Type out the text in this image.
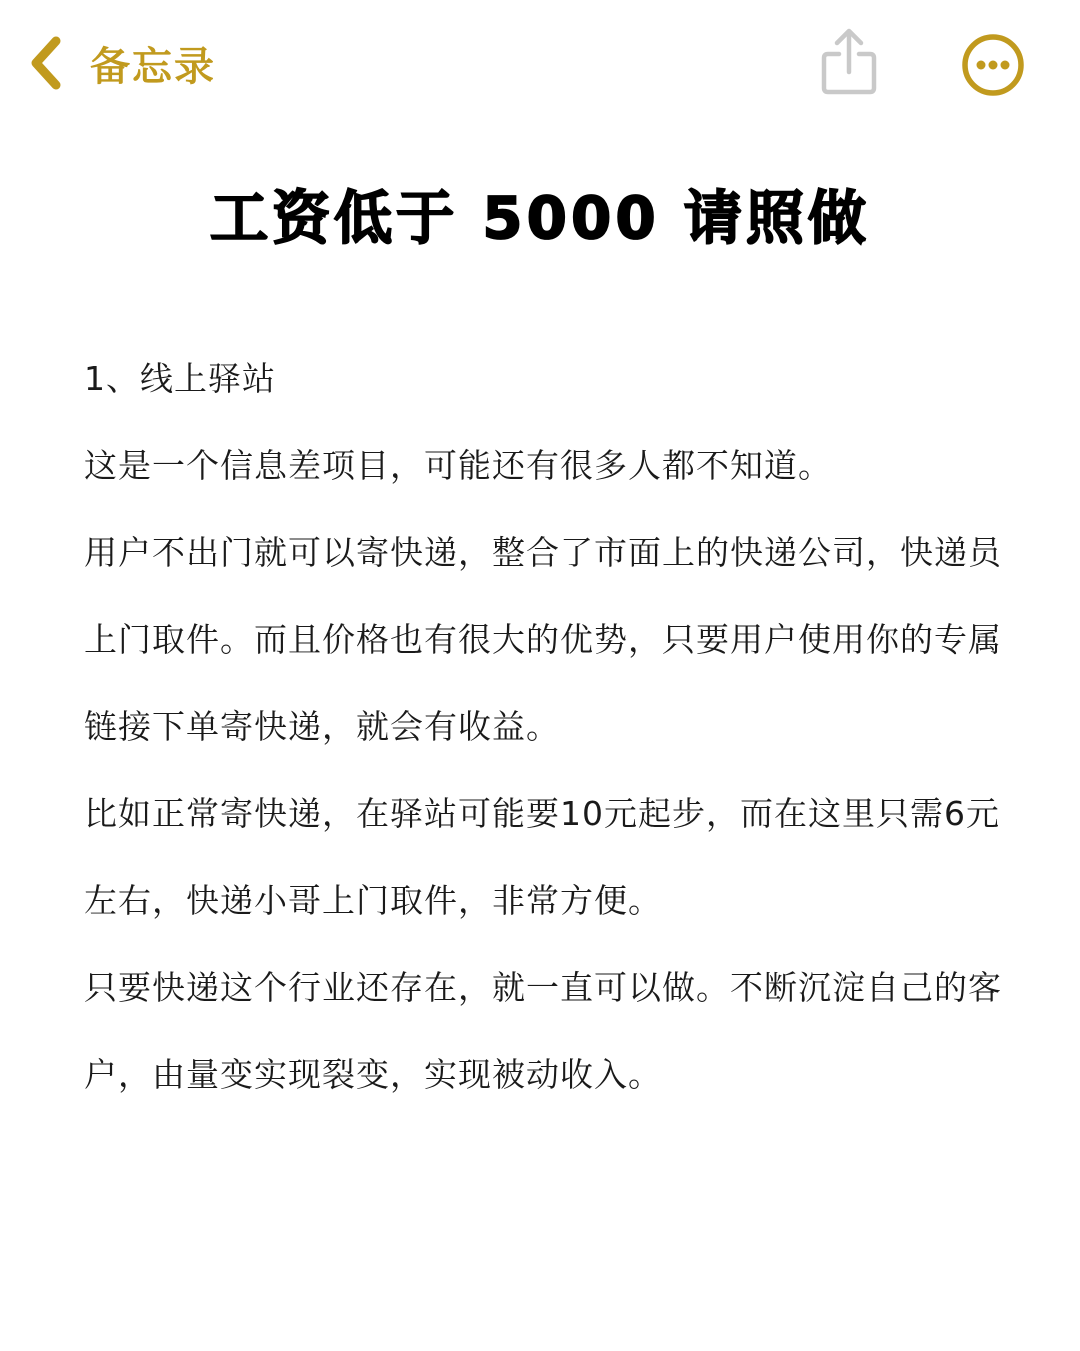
备忘录
工资低于 5000 请照做

1、线上驿站

这是一个信息差项目，可能还有很多人都不知道。

用户不出门就可以寄快递，整合了市面上的快递公司，快递员上门取件。而且价格也有很大的优势，只要用户使用你的专属链接下单寄快递，就会有收益。

比如正常寄快递，在驿站可能要10元起步，而在这里只需6元左右，快递小哥上门取件，非常方便。

只要快递这个行业还存在，就一直可以做。不断沉淀自己的客户，由量变实现裂变，实现被动收入。
